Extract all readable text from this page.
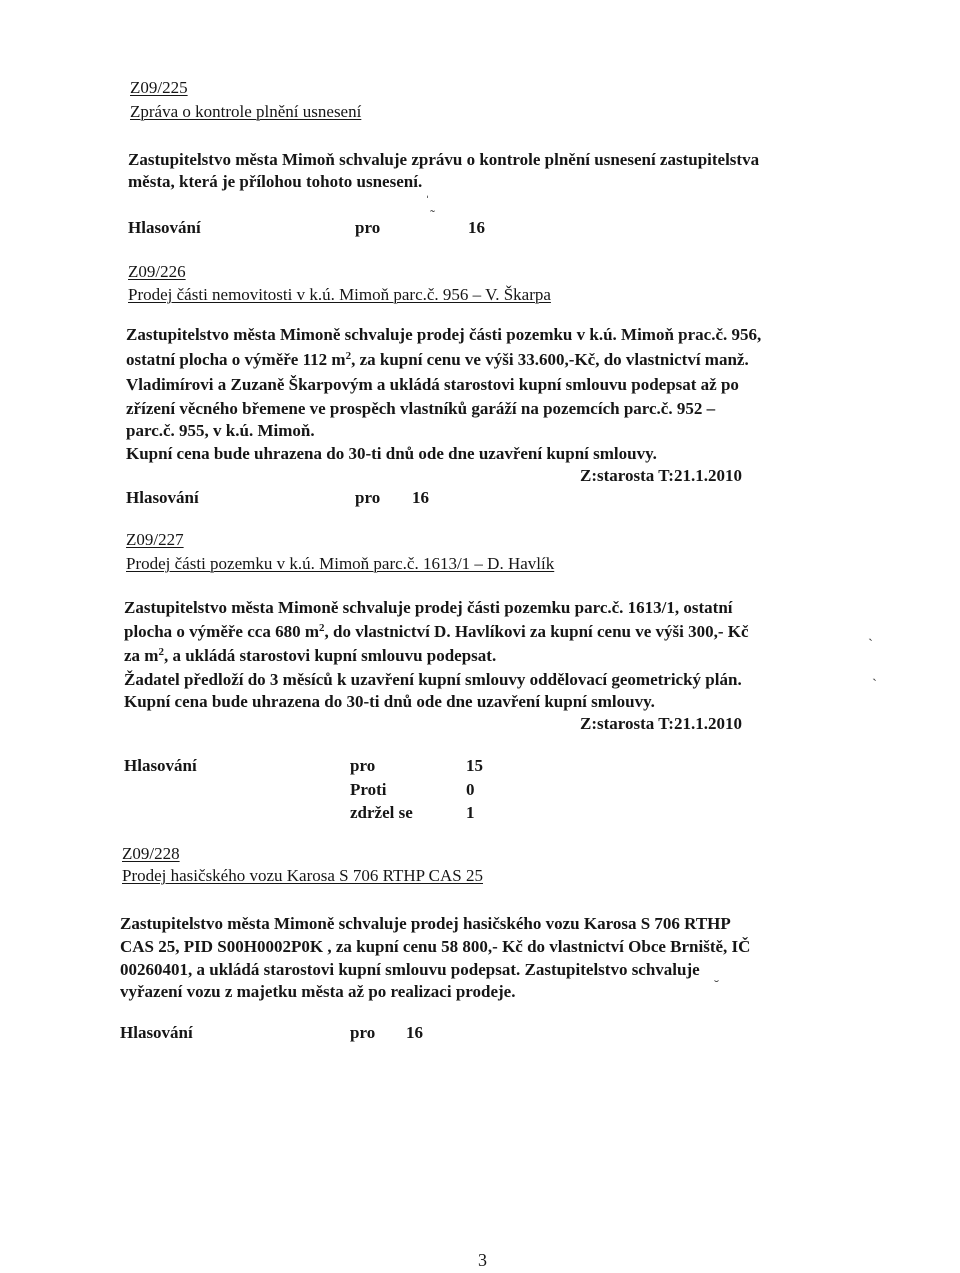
Z09/225
Zpráva o kontrole plnění usnesení
Zastupitelstvo města Mimoň schvaluje zprávu o kontrole plnění usnesení zastupitelstva
města, která je přílohou tohoto usnesení.
Hlasování	pro	16
Z09/226
Prodej části nemovitosti v k.ú. Mimoň parc.č. 956 – V. Škarpa
Zastupitelstvo města Mimoně schvaluje prodej části pozemku v k.ú. Mimoň prac.č. 956,
ostatní plocha o výměře 112 $m^2$, za kupní cenu ve výši 33.600,-Kč, do vlastnictví manž.
Vladimírovi a Zuzaně Škarpovým a ukládá starostovi kupní smlouvu podepsat až po
zřízení věcného břemene ve prospěch vlastníků garáží na pozemcích parc.č. 952 –
parc.č. 955, v k.ú. Mimoň.
Kupní cena bude uhrazena do 30-ti dnů ode dne uzavření kupní smlouvy.
Z:starosta T:21.1.2010
Hlasování	pro 16
Z09/227
Prodej části pozemku v k.ú. Mimoň parc.č. 1613/1 – D. Havlík
Zastupitelstvo města Mimoně schvaluje prodej části pozemku parc.č. 1613/1, ostatní
plocha o výměře cca 680 $m^2$, do vlastnictví D. Havlíkovi za kupní cenu ve výši 300,- Kč
za $m^2$, a ukládá starostovi kupní smlouvu podepsat.
Žadatel předloží do 3 měsíců k uzavření kupní smlouvy oddělovací geometrický plán.
Kupní cena bude uhrazena do 30-ti dnů ode dne uzavření kupní smlouvy.
Z:starosta T:21.1.2010
Hlasování	pro	15
Proti	0
zdržel se	1
Z09/228
Prodej hasičského vozu Karosa S 706 RTHP CAS 25
Zastupitelstvo města Mimoně schvaluje prodej hasičského vozu Karosa S 706 RTHP
CAS 25, PID S00H0002P0K , za kupní cenu 58 800,- Kč do vlastnictví Obce Brniště, IČ
00260401, a ukládá starostovi kupní smlouvu podepsat. Zastupitelstvo schvaluje
vyřazení vozu z majetku města až po realizaci prodeje.
Hlasování	pro 16
3
ˌ
˜
ˏ
ˎ
˘
